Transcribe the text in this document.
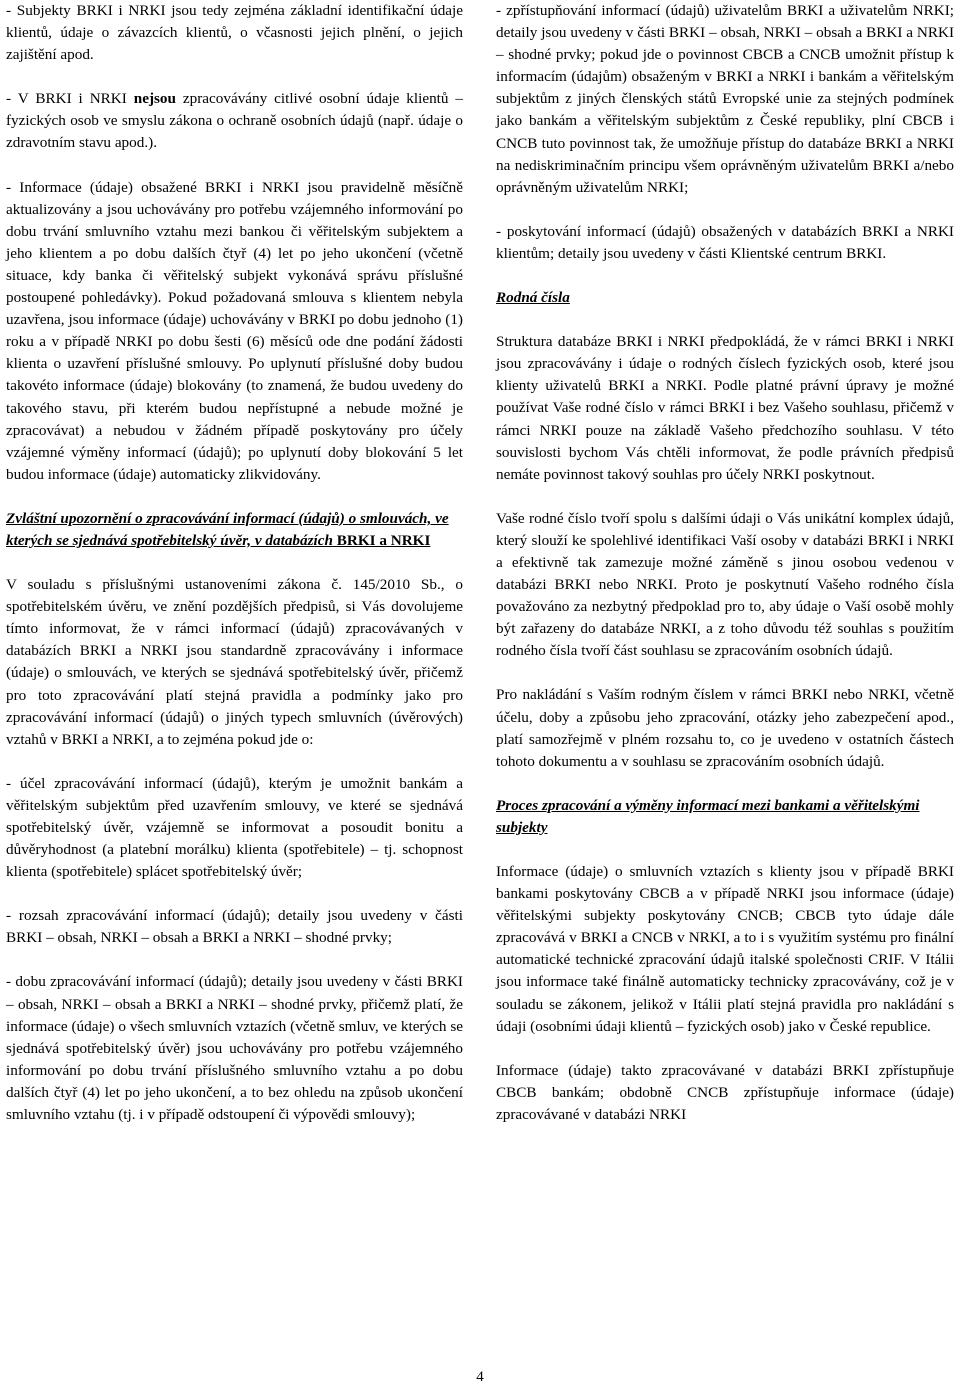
- Subjekty BRKI i NRKI jsou tedy zejména základní identifikační údaje klientů, údaje o závazcích klientů, o včasnosti jejich plnění, o jejich zajištění apod.

- V BRKI i NRKI nejsou zpracovávány citlivé osobní údaje klientů – fyzických osob ve smyslu zákona o ochraně osobních údajů (např. údaje o zdravotním stavu apod.).

- Informace (údaje) obsažené BRKI i NRKI jsou pravidelně měsíčně aktualizovány a jsou uchovávány pro potřebu vzájemného informování po dobu trvání smluvního vztahu mezi bankou či věřitelským subjektem a jeho klientem a po dobu dalších čtyř (4) let po jeho ukončení (včetně situace, kdy banka či věřitelský subjekt vykonává správu příslušné postoupené pohledávky). Pokud požadovaná smlouva s klientem nebyla uzavřena, jsou informace (údaje) uchovávány v BRKI po dobu jednoho (1) roku a v případě NRKI po dobu šesti (6) měsíců ode dne podání žádosti klienta o uzavření příslušné smlouvy. Po uplynutí příslušné doby budou takovéto informace (údaje) blokovány (to znamená, že budou uvedeny do takového stavu, při kterém budou nepřístupné a nebude možné je zpracovávat) a nebudou v žádném případě poskytovány pro účely vzájemné výměny informací (údajů); po uplynutí doby blokování 5 let budou informace (údaje) automaticky zlikvidovány.

Zvláštní upozornění o zpracovávání informací (údajů) o smlouvách, ve kterých se sjednává spotřebitelský úvěr, v databázích BRKI a NRKI

V souladu s příslušnými ustanoveními zákona č. 145/2010 Sb., o spotřebitelském úvěru, ve znění pozdějších předpisů, si Vás dovolujeme tímto informovat, že v rámci informací (údajů) zpracovávaných v databázích BRKI a NRKI jsou standardně zpracovávány i informace (údaje) o smlouvách, ve kterých se sjednává spotřebitelský úvěr, přičemž pro toto zpracovávání platí stejná pravidla a podmínky jako pro zpracovávání informací (údajů) o jiných typech smluvních (úvěrových) vztahů v BRKI a NRKI, a to zejména pokud jde o:

- účel zpracovávání informací (údajů), kterým je umožnit bankám a věřitelským subjektům před uzavřením smlouvy, ve které se sjednává spotřebitelský úvěr, vzájemně se informovat a posoudit bonitu a důvěryhodnost (a platební morálku) klienta (spotřebitele) – tj. schopnost klienta (spotřebitele) splácet spotřebitelský úvěr;

- rozsah zpracovávání informací (údajů); detaily jsou uvedeny v části BRKI – obsah, NRKI – obsah a BRKI a NRKI – shodné prvky;

- dobu zpracovávání informací (údajů); detaily jsou uvedeny v části BRKI – obsah, NRKI – obsah a BRKI a NRKI – shodné prvky, přičemž platí, že informace (údaje) o všech smluvních vztazích (včetně smluv, ve kterých se sjednává spotřebitelský úvěr) jsou uchovávány pro potřebu vzájemného informování po dobu trvání příslušného smluvního vztahu a po dobu dalších čtyř (4) let po jeho ukončení, a to bez ohledu na způsob ukončení smluvního vztahu (tj. i v případě odstoupení či výpovědi smlouvy);

- zpřístupňování informací (údajů) uživatelům BRKI a uživatelům NRKI; detaily jsou uvedeny v části BRKI – obsah, NRKI – obsah a BRKI a NRKI – shodné prvky; pokud jde o povinnost CBCB a CNCB umožnit přístup k informacím (údajům) obsaženým v BRKI a NRKI i bankám a věřitelským subjektům z jiných členských států Evropské unie za stejných podmínek jako bankám a věřitelským subjektům z České republiky, plní CBCB i CNCB tuto povinnost tak, že umožňuje přístup do databáze BRKI a NRKI na nediskriminačním principu všem oprávněným uživatelům BRKI a/nebo oprávněným uživatelům NRKI;

- poskytování informací (údajů) obsažených v databázích BRKI a NRKI klientům; detaily jsou uvedeny v části Klientské centrum BRKI.

Rodná čísla

Struktura databáze BRKI i NRKI předpokládá, že v rámci BRKI i NRKI jsou zpracovávány i údaje o rodných číslech fyzických osob, které jsou klienty uživatelů BRKI a NRKI. Podle platné právní úpravy je možné používat Vaše rodné číslo v rámci BRKI i bez Vašeho souhlasu, přičemž v rámci NRKI pouze na základě Vašeho předchozího souhlasu. V této souvislosti bychom Vás chtěli informovat, že podle právních předpisů nemáte povinnost takový souhlas pro účely NRKI poskytnout.

Vaše rodné číslo tvoří spolu s dalšími údaji o Vás unikátní komplex údajů, který slouží ke spolehlivé identifikaci Vaší osoby v databázi BRKI i NRKI a efektivně tak zamezuje možné záměně s jinou osobou vedenou v databázi BRKI nebo NRKI. Proto je poskytnutí Vašeho rodného čísla považováno za nezbytný předpoklad pro to, aby údaje o Vaší osobě mohly být zařazeny do databáze NRKI, a z toho důvodu též souhlas s použitím rodného čísla tvoří část souhlasu se zpracováním osobních údajů.

Pro nakládání s Vaším rodným číslem v rámci BRKI nebo NRKI, včetně účelu, doby a způsobu jeho zpracování, otázky jeho zabezpečení apod., platí samozřejmě v plném rozsahu to, co je uvedeno v ostatních částech tohoto dokumentu a v souhlasu se zpracováním osobních údajů.

Proces zpracování a výměny informací mezi bankami a věřitelskými subjekty

Informace (údaje) o smluvních vztazích s klienty jsou v případě BRKI bankami poskytovány CBCB a v případě NRKI jsou informace (údaje) věřitelskými subjekty poskytovány CNCB; CBCB tyto údaje dále zpracovává v BRKI a CNCB v NRKI, a to i s využitím systému pro finální automatické technické zpracování údajů italské společnosti CRIF. V Itálii jsou informace také finálně automaticky technicky zpracovávány, což je v souladu se zákonem, jelikož v Itálii platí stejná pravidla pro nakládání s údaji (osobními údaji klientů – fyzických osob) jako v České republice.

Informace (údaje) takto zpracovávané v databázi BRKI zpřístupňuje CBCB bankám; obdobně CNCB zpřístupňuje informace (údaje) zpracovávané v databázi NRKI

4
